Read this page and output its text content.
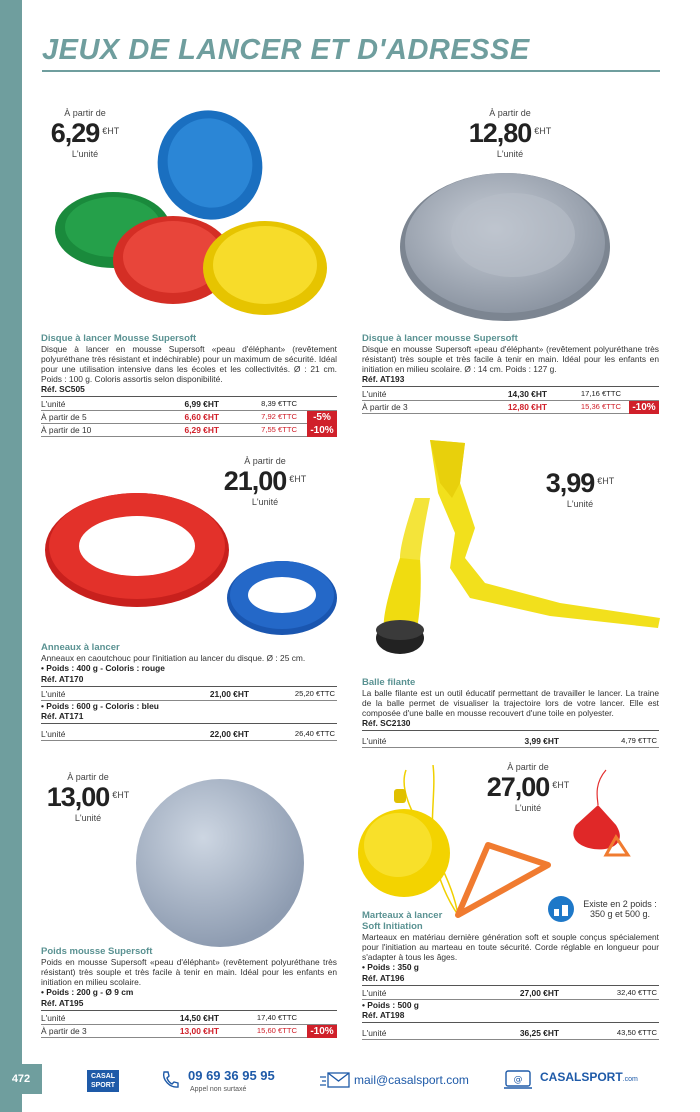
JEUX DE LANCER ET D'ADRESSE
À partir de
6,29 $^{€HT}$
L'unité
Disque à lancer Mousse Supersoft
Disque à lancer en mousse Supersoft «peau d'éléphant» (revêtement polyuréthane très résistant et indéchirable) pour un maximum de sécurité. Idéal pour une utilisation intensive dans les écoles et les collectivités. Ø : 21 cm. Poids : 100 g. Coloris assortis selon disponibilité.
Réf. SC505
L'unité	6,99 €HT	8,39 €TTC
À partir de 5	6,60 €HT	7,92 €TTC	-5%
À partir de 10	6,29 €HT	7,55 €TTC	-10%
À partir de
12,80 $^{€HT}$
L'unité
Disque à lancer mousse Supersoft
Disque en mousse Supersoft «peau d'éléphant» (revêtement polyuréthane très résistant) très souple et très facile à tenir en main. Idéal pour les enfants en initiation en milieu scolaire. Ø : 14 cm. Poids : 127 g.
Réf. AT193
L'unité	14,30 €HT	17,16 €TTC
À partir de 3	12,80 €HT	15,36 €TTC	-10%
À partir de
21,00 $^{€HT}$
L'unité
Anneaux à lancer
Anneaux en caoutchouc pour l'initiation au lancer du disque. Ø : 25 cm.
• Poids : 400 g - Coloris : rouge
Réf. AT170
L'unité	21,00 €HT	25,20 €TTC
• Poids : 600 g - Coloris : bleu
Réf. AT171
L'unité	22,00 €HT	26,40 €TTC
3,99 $^{€HT}$
L'unité
Balle filante
La balle filante est un outil éducatif permettant de travailler le lancer. La traine de la balle permet de visualiser la trajectoire lors de votre lancer. Elle est composée d'une balle en mousse recouvert d'une toile en polyester.
Réf. SC2130
L'unité	3,99 €HT	4,79 €TTC
À partir de
13,00 $^{€HT}$
L'unité
Poids mousse Supersoft
Poids en mousse Supersoft «peau d'éléphant» (revêtement polyuréthane très résistant) très souple et très facile à tenir en main. Idéal pour les enfants en initiation en milieu scolaire.
• Poids : 200 g - Ø 9 cm
Réf. AT195
L'unité	14,50 €HT	17,40 €TTC
À partir de 3	13,00 €HT	15,60 €TTC	-10%
À partir de
27,00 $^{€HT}$
L'unité
Existe en 2 poids :
350 g et 500 g.
Marteaux à lancer
Soft Initiation
Marteaux en matériau dernière génération soft et souple conçus spécialement pour l'initiation au marteau en toute sécurité. Corde réglable en longueur pour s'adapter à tous les âges.
• Poids : 350 g
Réf. AT196
L'unité	27,00 €HT	32,40 €TTC
• Poids : 500 g
Réf. AT198
L'unité	36,25 €HT	43,50 €TTC
472	CASAL
SPORT
09 69 36 95 95
Appel non surtaxé
mail@casalsport.com	@	CASALSPORT.com
